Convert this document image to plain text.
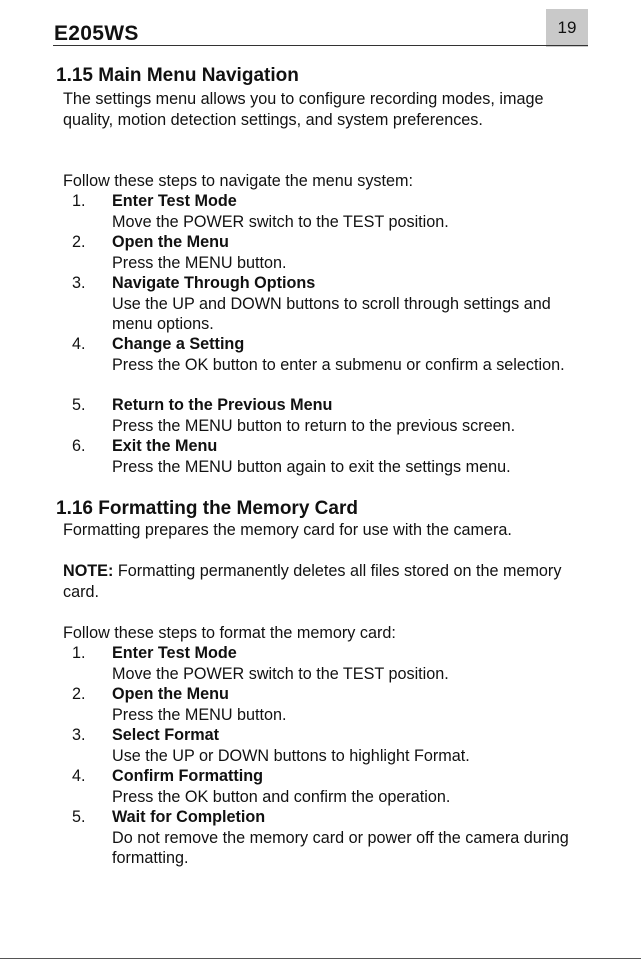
E205WS	19
1.15 Main Menu Navigation
The settings menu allows you to configure recording modes, image quality, motion detection settings, and system preferences.
Follow these steps to navigate the menu system:
1. Enter Test Mode
Move the POWER switch to the TEST position.
2. Open the Menu
Press the MENU button.
3. Navigate Through Options
Use the UP and DOWN buttons to scroll through settings and menu options.
4. Change a Setting
Press the OK button to enter a submenu or confirm a selection.
5. Return to the Previous Menu
Press the MENU button to return to the previous screen.
6. Exit the Menu
Press the MENU button again to exit the settings menu.
1.16 Formatting the Memory Card
Formatting prepares the memory card for use with the camera.
NOTE: Formatting permanently deletes all files stored on the memory card.
Follow these steps to format the memory card:
1. Enter Test Mode
Move the POWER switch to the TEST position.
2. Open the Menu
Press the MENU button.
3. Select Format
Use the UP or DOWN buttons to highlight Format.
4. Confirm Formatting
Press the OK button and confirm the operation.
5. Wait for Completion
Do not remove the memory card or power off the camera during formatting.
